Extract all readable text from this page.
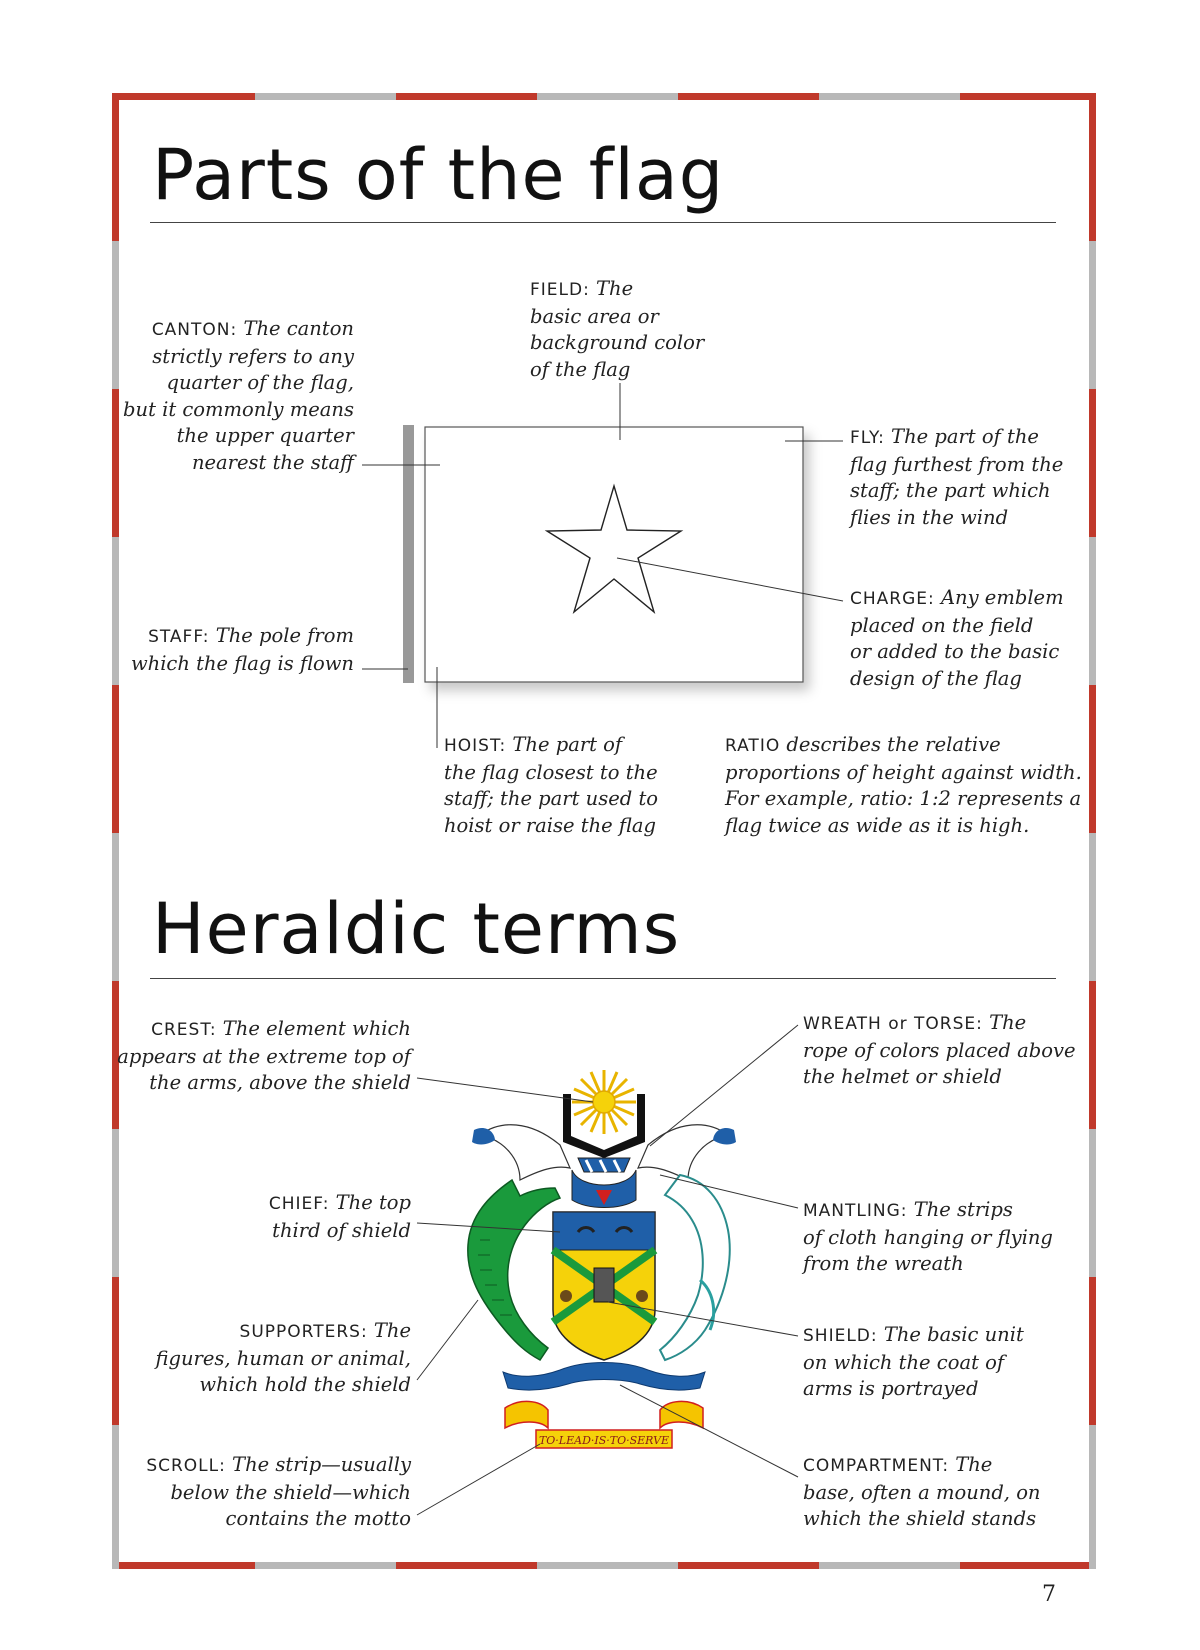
Parts of the flag

FIELD: The
basic area or
background color
of the flag

CANTON: The canton
strictly refers to any
quarter of the flag,
but it commonly means
the upper quarter
nearest the staff

FLY: The part of the
flag furthest from the
staff; the part which
flies in the wind

CHARGE: Any emblem
placed on the field
or added to the basic
design of the flag

STAFF: The pole from
which the flag is flown

HOIST: The part of
the flag closest to the
staff; the part used to
hoist or raise the flag

RATIO describes the relative
proportions of height against width.
For example, ratio: 1:2 represents a
flag twice as wide as it is high.

Heraldic terms
TO·LEAD·IS·TO·SERVE

CREST: The element which
appears at the extreme top of
the arms, above the shield

WREATH or TORSE: The
rope of colors placed above
the helmet or shield

CHIEF: The top
third of shield

MANTLING: The strips
of cloth hanging or flying
from the wreath

SUPPORTERS: The
figures, human or animal,
which hold the shield

SHIELD: The basic unit
on which the coat of
arms is portrayed

SCROLL: The strip—usually
below the shield—which
contains the motto

COMPARTMENT: The
base, often a mound, on
which the shield stands

7
